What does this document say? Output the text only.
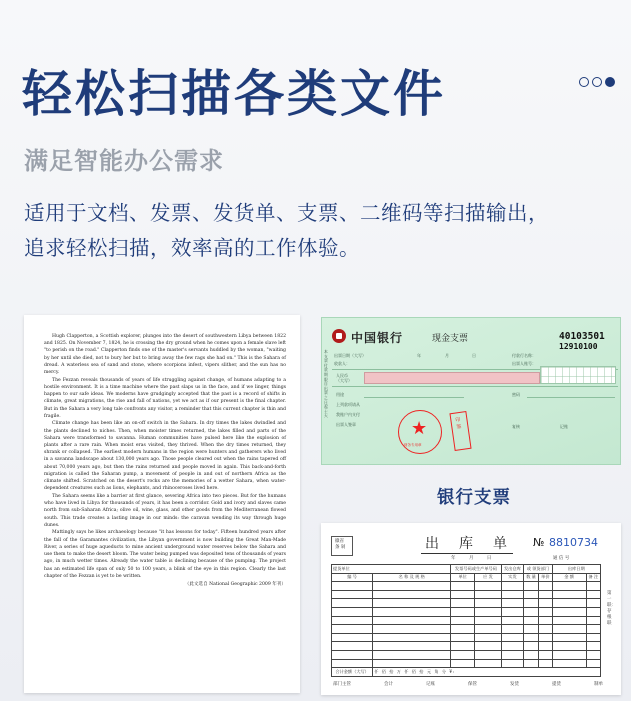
轻松扫描各类文件
满足智能办公需求

适用于文档、发票、发货单、支票、二维码等扫描输出，

追求轻松扫描，效率高的工作体验。

Hugh Clapperton, a Scottish explorer, plunges into the desert of southwestern Libya between 1822 and 1825. On November 7, 1824, he is crossing the dry ground when he comes upon a female slave left "to perish on the road." Clapperton finds one of the master's servants huddled by the woman, "waiting by her until she died, not to bury her but to bring away the few rags she had on." This is the Sahara of dread. A waterless sea of sand and stone, where scorpions infest, vipers slither, and the sun has no mercy.

The Fezzan reveals thousands of years of life struggling against change, of humans adapting to a hostile environment. It is a time machine where the past slaps us in the face, and if we linger, things happen to our safe ideas. We moderns have grudgingly accepted that the past is a record of shifts in climate, great migrations, the rise and fall of nations, yet we act as if our present is the final chapter. But in the Sahara a very long tale confronts any visitor, a reminder that this current chapter is thin and fragile.

Climate change has been like an on-off switch in the Sahara. In dry times the lakes dwindled and the plants declined to niches. Then, when moister times returned, the lakes filled and parts of the Sahara were transformed to savanna. Human communities have pulsed here like the explosion of plants after a rare rain. When moist eras visited, they thrived. When the dry times returned, they shrank or collapsed. The earliest modern humans in the region were hunters and gatherers who lived in a savanna landscape about 130,000 years ago. Those people cleared out when the rains tapered off about 70,000 years ago, but then the rains returned and people moved in again. This back-and-forth migration is called the Saharan pump, a movement of people in and out of northern Africa as the climate shifted. Scratched on the desert's rocks are the memories of a wetter Sahara, when water-dependent creatures such as lions, elephants, and rhinoceroses lived here.

The Sahara seems like a barrier at first glance, severing Africa into two pieces. But for the humans who have lived in Libya for thousands of years, it has been a corridor. Gold and ivory and slaves came north from sub-Saharan Africa; olive oil, wine, glass, and other goods from the Mediterranean flowed south. This trade creates a lasting image in our minds: the caravan wending its way through huge dunes.

Mattingly says he likes archaeology because "it has lessons for today". Fifteen hundred years after the fall of the Garamantes civilization, the Libyan government is now building the Great Man-Made River, a series of huge aqueducts to mine ancient underground water reserves below the Sahara and use them to make the desert bloom. The water being pumped was deposited tens of thousands of years ago, in much wetter times. Already the water table is declining because of the pumping. The project has an estimated life span of only 50 to 100 years, a blink of the eye in this region. Clearly the last chapter of the Fezzan is yet to be written.

（此文选自 National Geographic 2009 年刊）
中国银行	现金支票	40103501
12910100
本支票付款期限自出票之日起十天
出票日期（大写）	年	月	日	付款行名称：
收款人：	出票人账号：
人民币
（大写）
用途	密码
上列款项请从
我账户内支付
出票人签章	复核	记账
★
财务专用章
印鉴
银行支票
徽省
条 剁	出库单 № 8810734
年	月	日	通 信 号
提货单位		发票号码或生产单号码		发出仓库	或 领货部门		出库日期	
编 号	名 称 及 规 格	单位	应 发	实发	数 量	单价	金 额	备 注

合计金额（大写）	仟 佰 拾 万 仟 佰 拾 元 角 分 ¥:							
第一联：存根联
部门主管	会计	记账	保管	发货	提货	制单
